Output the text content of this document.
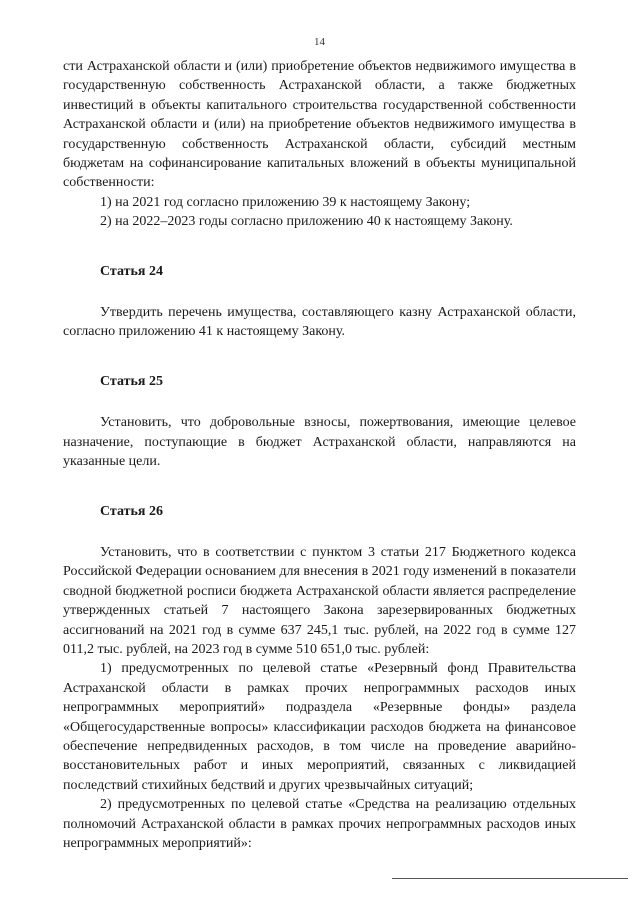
14

сти Астраханской области и (или) приобретение объектов недвижимого имущества в государственную собственность Астраханской области, а также бюджетных инвестиций в объекты капитального строительства государственной собственности Астраханской области и (или) на приобретение объектов недвижимого имущества в государственную собственность Астраханской области, субсидий местным бюджетам на софинансирование капитальных вложений в объекты муниципальной собственности:

1) на 2021 год согласно приложению 39 к настоящему Закону;

2) на 2022–2023 годы согласно приложению 40 к настоящему Закону.

Статья 24

Утвердить перечень имущества, составляющего казну Астраханской области, согласно приложению 41 к настоящему Закону.

Статья 25

Установить, что добровольные взносы, пожертвования, имеющие целевое назначение, поступающие в бюджет Астраханской области, направляются на указанные цели.

Статья 26

Установить, что в соответствии с пунктом 3 статьи 217 Бюджетного кодекса Российской Федерации основанием для внесения в 2021 году изменений в показатели сводной бюджетной росписи бюджета Астраханской области является распределение утвержденных статьей 7 настоящего Закона зарезервированных бюджетных ассигнований на 2021 год в сумме 637 245,1 тыс. рублей, на 2022 год в сумме 127 011,2 тыс. рублей, на 2023 год в сумме 510 651,0 тыс. рублей:

1) предусмотренных по целевой статье «Резервный фонд Правительства Астраханской области в рамках прочих непрограммных расходов иных непрограммных мероприятий» подраздела «Резервные фонды» раздела «Общегосударственные вопросы» классификации расходов бюджета на финансовое обеспечение непредвиденных расходов, в том числе на проведение аварийно-восстановительных работ и иных мероприятий, связанных с ликвидацией последствий стихийных бедствий и других чрезвычайных ситуаций;

2) предусмотренных по целевой статье «Средства на реализацию отдельных полномочий Астраханской области в рамках прочих непрограммных расходов иных непрограммных мероприятий»:
